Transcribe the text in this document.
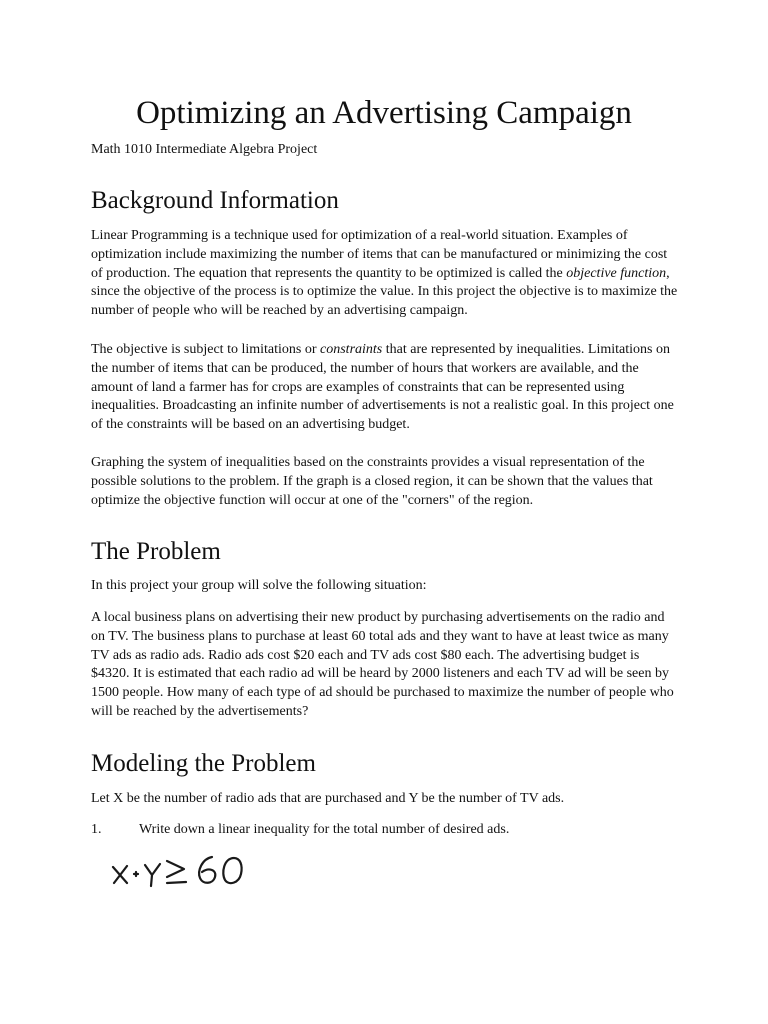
Optimizing an Advertising Campaign
Math 1010 Intermediate Algebra Project
Background Information

Linear Programming is a technique used for optimization of a real-world situation. Examples of optimization include maximizing the number of items that can be manufactured or minimizing the cost of production. The equation that represents the quantity to be optimized is called the objective function, since the objective of the process is to optimize the value. In this project the objective is to maximize the number of people who will be reached by an advertising campaign.

The objective is subject to limitations or constraints that are represented by inequalities. Limitations on the number of items that can be produced, the number of hours that workers are available, and the amount of land a farmer has for crops are examples of constraints that can be represented using inequalities. Broadcasting an infinite number of advertisements is not a realistic goal. In this project one of the constraints will be based on an advertising budget.

Graphing the system of inequalities based on the constraints provides a visual representation of the possible solutions to the problem. If the graph is a closed region, it can be shown that the values that optimize the objective function will occur at one of the "corners" of the region.

The Problem

In this project your group will solve the following situation:

A local business plans on advertising their new product by purchasing advertisements on the radio and on TV. The business plans to purchase at least 60 total ads and they want to have at least twice as many TV ads as radio ads. Radio ads cost $20 each and TV ads cost $80 each. The advertising budget is $4320. It is estimated that each radio ad will be heard by 2000 listeners and each TV ad will be seen by 1500 people. How many of each type of ad should be purchased to maximize the number of people who will be reached by the advertisements?

Modeling the Problem

Let X be the number of radio ads that are purchased and Y be the number of TV ads.

1.	Write down a linear inequality for the total number of desired ads.
